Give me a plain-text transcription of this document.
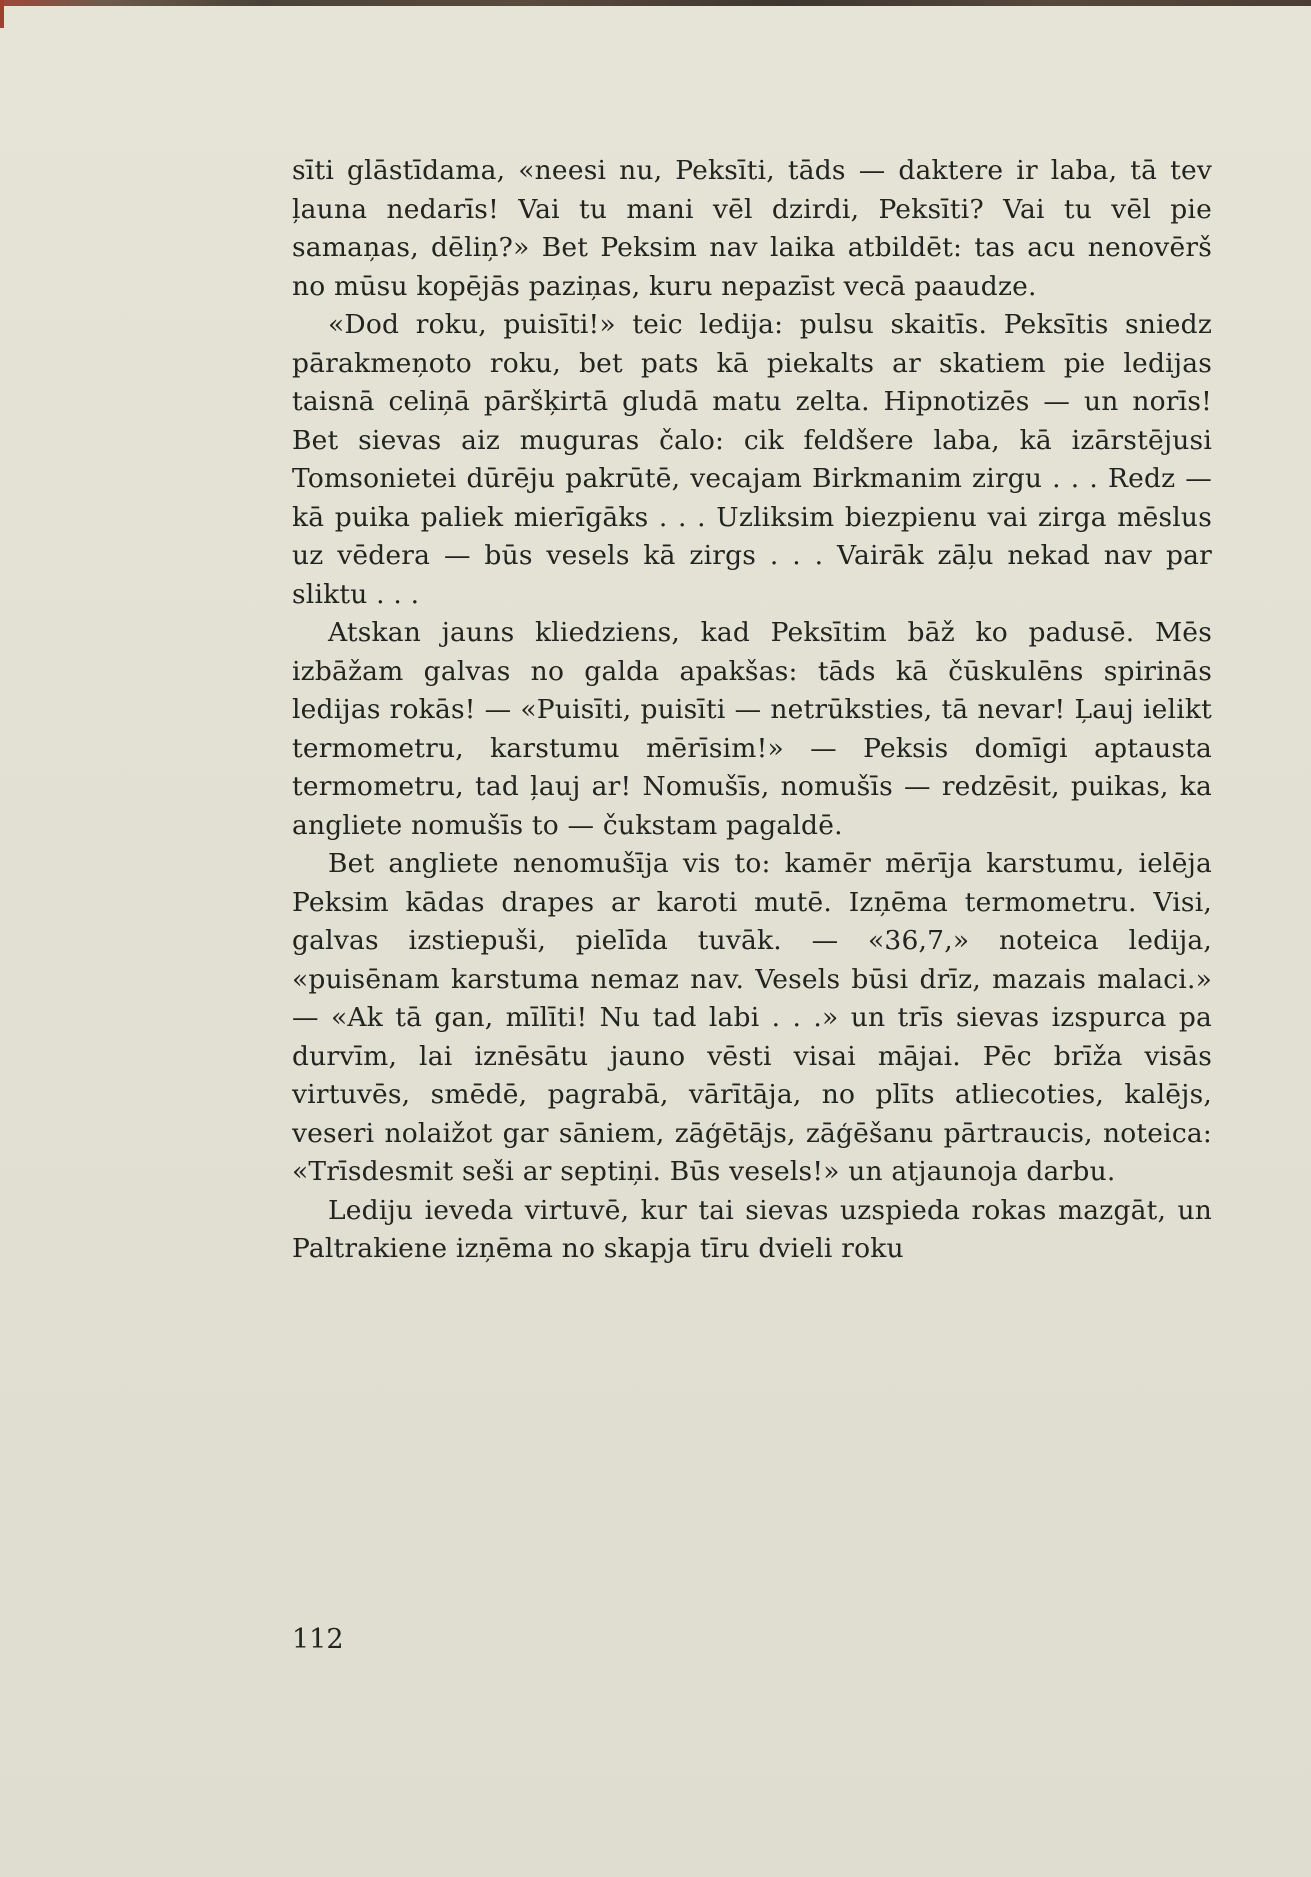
sīti glāstīdama, «neesi nu, Peksīti, tāds — daktere ir laba, tā tev ļauna nedarīs! Vai tu mani vēl dzirdi, Peksīti? Vai tu vēl pie samaņas, dēliņ?» Bet Peksim nav laika atbildēt: tas acu nenovērš no mūsu kopējās paziņas, kuru nepazīst vecā paaudze.

«Dod roku, puisīti!» teic ledija: pulsu skaitīs. Peksītis sniedz pārakmeņoto roku, bet pats kā piekalts ar skatiem pie ledijas taisnā celiņā pāršķirtā gludā matu zelta. Hipnotizēs — un norīs! Bet sievas aiz muguras čalo: cik feldšere laba, kā izārstējusi Tomsonietei dūrēju pakrūtē, vecajam Birkmanim zirgu . . . Redz — kā puika paliek mierīgāks . . . Uzliksim biezpienu vai zirga mēslus uz vēdera — būs vesels kā zirgs . . . Vairāk zāļu nekad nav par sliktu . . .

Atskan jauns kliedziens, kad Peksītim bāž ko padusē. Mēs izbāžam galvas no galda apakšas: tāds kā čūskulēns spirinās ledijas rokās! — «Puisīti, puisīti — netrūksties, tā nevar! Ļauj ielikt termometru, karstumu mērīsim!» — Peksis domīgi aptausta termometru, tad ļauj ar! Nomušīs, nomušīs — redzēsit, puikas, ka angliete nomušīs to — čukstam pagaldē.

Bet angliete nenomušīja vis to: kamēr mērīja karstumu, ielēja Peksim kādas drapes ar karoti mutē. Izņēma termometru. Visi, galvas izstiepuši, pielīda tuvāk. — «36,7,» noteica ledija, «puisēnam karstuma nemaz nav. Vesels būsi drīz, mazais malaci.» — «Ak tā gan, mīlīti! Nu tad labi . . .» un trīs sievas izspurca pa durvīm, lai iznēsātu jauno vēsti visai mājai. Pēc brīža visās virtuvēs, smēdē, pagrabā, vārītāja, no plīts atliecoties, kalējs, veseri nolaižot gar sāniem, zāģētājs, zāģēšanu pārtraucis, noteica: «Trīsdesmit seši ar septiņi. Būs vesels!» un atjaunoja darbu.

Lediju ieveda virtuvē, kur tai sievas uzspieda rokas mazgāt, un Paltrakiene izņēma no skapja tīru dvieli roku

112
